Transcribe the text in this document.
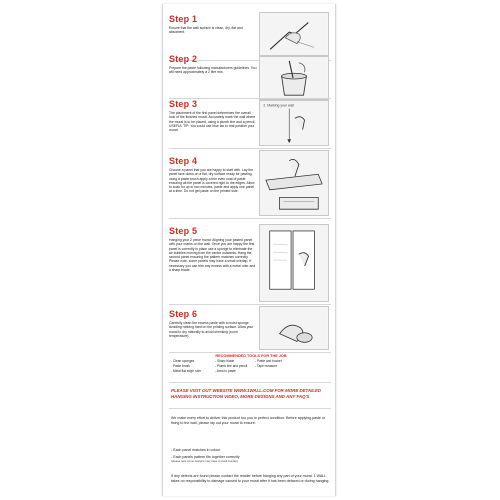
Step 1
Ensure that the wall surface is clean, dry, flat and absorbent.
Step 2
Prepare the paste following manufacturers guidelines. You will need approximately a 2 litre mix.
Step 3
The placement of the first panel determines the overall look of the finished mural. Accurately mark the wall where the mural is to be placed, using a plumb line and a pencil. USEFUL TIP: You could use blue tac to trial position your mural.
2. Marking your wall
Step 4
Choose a panel that you are happy to start with. Lay the panel face down on a flat, dry surface ready for pasting, using a paste brush apply a thin even coat of paste ensuring all the panel is covered right to the edges. Allow to soak for up to two minutes, paste and apply one panel at a time. Do not get paste on the printed side.
Step 5
Hanging your 2 piece mural: Aligning your pasted panel with your marks on the wall. Once you are happy the first panel is correctly in place use a sponge to eliminate the air bubbles moving from the centre outwards. Hang the second panel ensuring the pattern matches correctly. Please note, some panels may have a small overlap. If necessary you can trim any excess with a metal ruler and a sharp blade.
Step 6
Carefully clean the excess paste with a moist sponge avoiding rubbing hard on the printing surface. Allow your mural to dry naturally to avoid shrinking (room temperature).
RECOMMENDED TOOLS FOR THE JOB
- Clean sponges	- Sharp blade	- Paste and bucket
- Paste brush	- Plumb line and pencil	- Tape measure
- Metal flat edge ruler	- Area to paste
PLEASE VISIT OUT WEBSITE WWW.1WALL.COM FOR MORE DETAILED HANGING INSTRUCTION VIDEO, MORE DESIGNS AND ANY FAQ'S
We make every effort to deliver this product too you in perfect condition. Before applying paste or fixing to the wall, please lay out your mural to ensure:
- Each panel matches in colour
- Each panels pattern fits together correctly
(please note some designs may have a small overlap)
If any defects are found please contact the retailer before hanging any part of your mural. 1 WALL takes no responsibility to damage caused to your mural after it has been defaced or during hanging.
